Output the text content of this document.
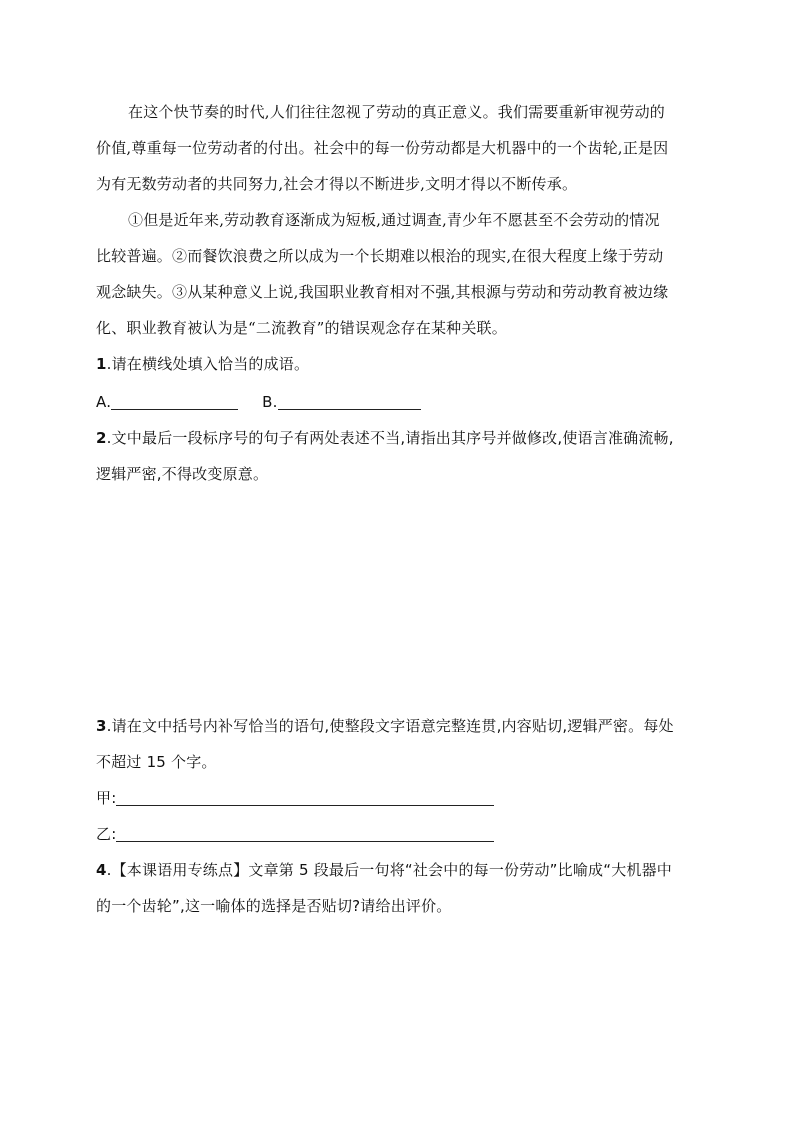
在这个快节奏的时代,人们往往忽视了劳动的真正意义。我们需要重新审视劳动的
价值,尊重每一位劳动者的付出。社会中的每一份劳动都是大机器中的一个齿轮,正是因
为有无数劳动者的共同努力,社会才得以不断进步,文明才得以不断传承。
①但是近年来,劳动教育逐渐成为短板,通过调查,青少年不愿甚至不会劳动的情况
比较普遍。②而餐饮浪费之所以成为一个长期难以根治的现实,在很大程度上缘于劳动
观念缺失。③从某种意义上说,我国职业教育相对不强,其根源与劳动和劳动教育被边缘
化、职业教育被认为是“二流教育”的错误观念存在某种关联。
1.请在横线处填入恰当的成语。
A.	B.
2.文中最后一段标序号的句子有两处表述不当,请指出其序号并做修改,使语言准确流畅,
逻辑严密,不得改变原意。
3.请在文中括号内补写恰当的语句,使整段文字语意完整连贯,内容贴切,逻辑严密。每处
不超过 15 个字。
甲:
乙:
4.【本课语用专练点】文章第 5 段最后一句将“社会中的每一份劳动”比喻成“大机器中
的一个齿轮”,这一喻体的选择是否贴切?请给出评价。
